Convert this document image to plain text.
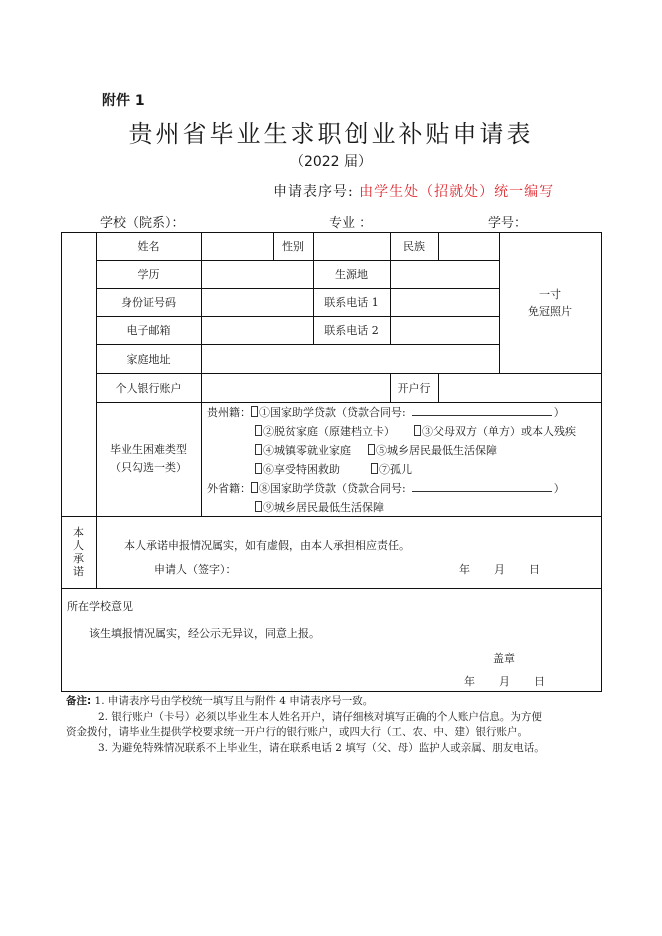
附件 1
贵州省毕业生求职创业补贴申请表
（2022 届）
申请表序号: 由学生处（招就处）统一编写
学校（院系）：	专业 ：	学号：
姓名	性别	民族
一寸
免冠照片
学历	生源地
身份证号码	联系电话 1
电子邮箱	联系电话 2
家庭地址
个人银行账户	开户行
毕业生困难类型
（只勾选一类）
贵州籍： ①国家助学贷款（贷款合同号:	）
②脱贫家庭（原建档立卡） ③父母双方（单方）或本人残疾
④城镇零就业家庭 ⑤城乡居民最低生活保障
⑥享受特困救助	⑦孤儿
外省籍： ⑧国家助学贷款（贷款合同号:	）
⑨城乡居民最低生活保障
本
人
承
诺
本人承诺申报情况属实，如有虚假，由本人承担相应责任。
申请人（签字）：	年 月 日
所在学校意见
该生填报情况属实，经公示无异议，同意上报。
盖章
年 月 日
备注: 1. 申请表序号由学校统一填写且与附件 4 申请表序号一致。
2. 银行账户（卡号）必须以毕业生本人姓名开户，请仔细核对填写正确的个人账户信息。为方便
资金拨付，请毕业生提供学校要求统一开户行的银行账户，或四大行（工、农、中、建）银行账户。
3. 为避免特殊情况联系不上毕业生，请在联系电话 2 填写（父、母）监护人或亲属、朋友电话。
